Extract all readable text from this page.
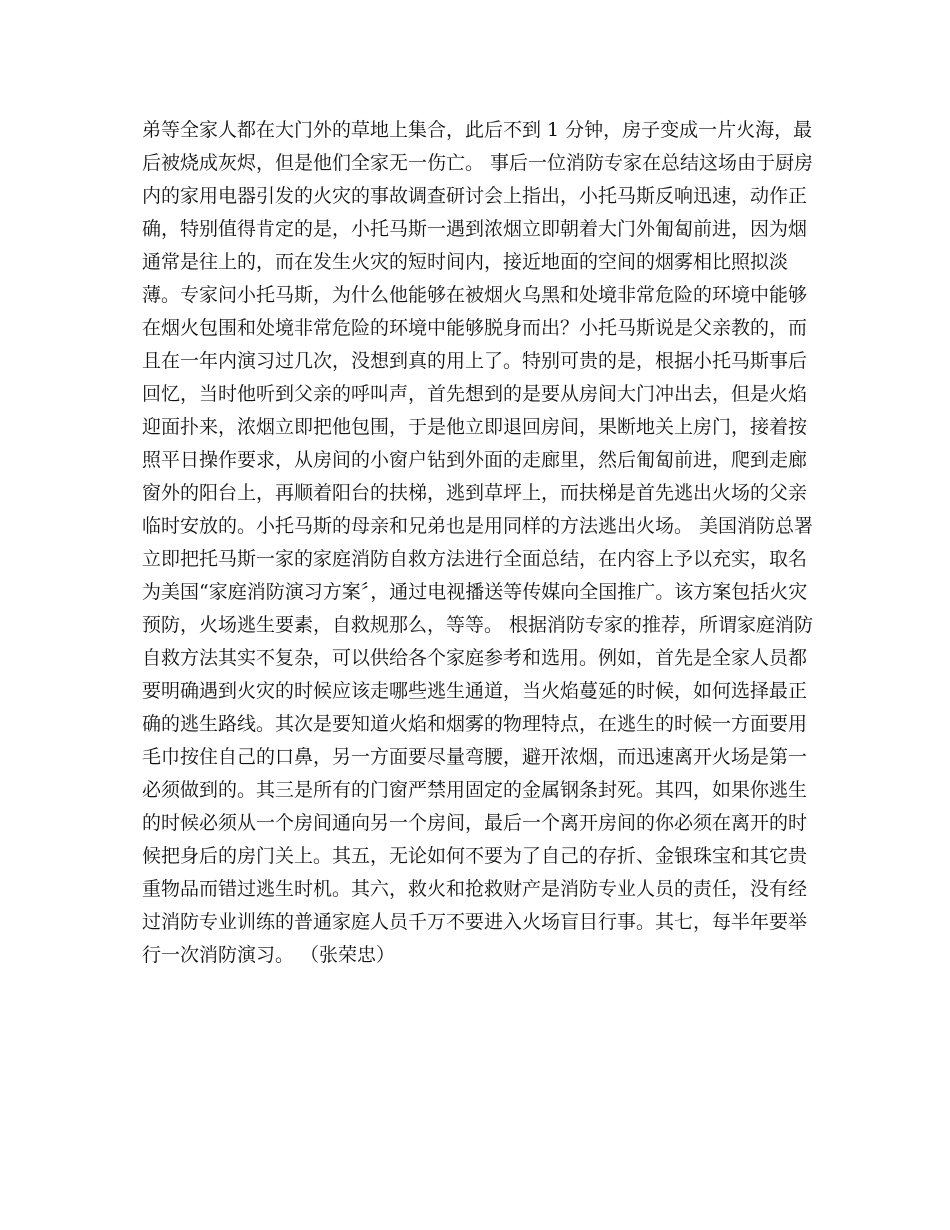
弟等全家人都在大门外的草地上集合，此后不到 1 分钟，房子变成一片火海，最
后被烧成灰烬，但是他们全家无一伤亡。 事后一位消防专家在总结这场由于厨房
内的家用电器引发的火灾的事故调查研讨会上指出，小托马斯反响迅速，动作正
确，特别值得肯定的是，小托马斯一遇到浓烟立即朝着大门外匍匐前进，因为烟
通常是往上的，而在发生火灾的短时间内，接近地面的空间的烟雾相比照拟淡
薄。专家问小托马斯，为什么他能够在被烟火乌黑和处境非常危险的环境中能够
在烟火包围和处境非常危险的环境中能够脱身而出？小托马斯说是父亲教的，而
且在一年内演习过几次，没想到真的用上了。特别可贵的是，根据小托马斯事后
回忆，当时他听到父亲的呼叫声，首先想到的是要从房间大门冲出去，但是火焰
迎面扑来，浓烟立即把他包围，于是他立即退回房间，果断地关上房门，接着按
照平日操作要求，从房间的小窗户钻到外面的走廊里，然后匍匐前进，爬到走廊
窗外的阳台上，再顺着阳台的扶梯，逃到草坪上，而扶梯是首先逃出火场的父亲
临时安放的。小托马斯的母亲和兄弟也是用同样的方法逃出火场。 美国消防总署
立即把托马斯一家的家庭消防自救方法进行全面总结，在内容上予以充实，取名
为美国“家庭消防演习方案〞，通过电视播送等传媒向全国推广。该方案包括火灾
预防，火场逃生要素，自救规那么，等等。 根据消防专家的推荐，所谓家庭消防
自救方法其实不复杂，可以供给各个家庭参考和选用。例如，首先是全家人员都
要明确遇到火灾的时候应该走哪些逃生通道，当火焰蔓延的时候，如何选择最正
确的逃生路线。其次是要知道火焰和烟雾的物理特点，在逃生的时候一方面要用
毛巾按住自己的口鼻，另一方面要尽量弯腰，避开浓烟，而迅速离开火场是第一
必须做到的。其三是所有的门窗严禁用固定的金属钢条封死。其四，如果你逃生
的时候必须从一个房间通向另一个房间，最后一个离开房间的你必须在离开的时
候把身后的房门关上。其五，无论如何不要为了自己的存折、金银珠宝和其它贵
重物品而错过逃生时机。其六，救火和抢救财产是消防专业人员的责任，没有经
过消防专业训练的普通家庭人员千万不要进入火场盲目行事。其七，每半年要举
行一次消防演习。 （张荣忠）
